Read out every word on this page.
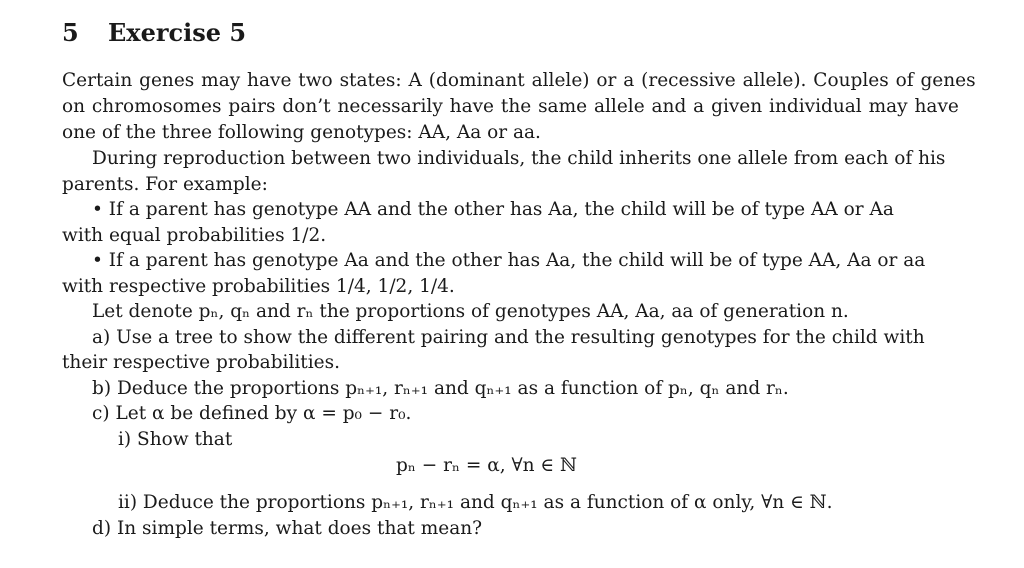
5 Exercise 5
Certain genes may have two states: A (dominant allele) or a (recessive allele). Couples of genes
on chromosomes pairs don’t necessarily have the same allele and a given individual may have
one of the three following genotypes: AA, Aa or aa.
During reproduction between two individuals, the child inherits one allele from each of his
parents. For example:
• If a parent has genotype AA and the other has Aa, the child will be of type AA or Aa
with equal probabilities 1/2.
• If a parent has genotype Aa and the other has Aa, the child will be of type AA, Aa or aa
with respective probabilities 1/4, 1/2, 1/4.
Let denote pₙ, qₙ and rₙ the proportions of genotypes AA, Aa, aa of generation n.
a) Use a tree to show the different pairing and the resulting genotypes for the child with
their respective probabilities.
b) Deduce the proportions pₙ₊₁, rₙ₊₁ and qₙ₊₁ as a function of pₙ, qₙ and rₙ.
c) Let α be defined by α = p₀ − r₀.
i) Show that
pₙ − rₙ = α, ∀n ∈ ℕ
ii) Deduce the proportions pₙ₊₁, rₙ₊₁ and qₙ₊₁ as a function of α only, ∀n ∈ ℕ.
d) In simple terms, what does that mean?
